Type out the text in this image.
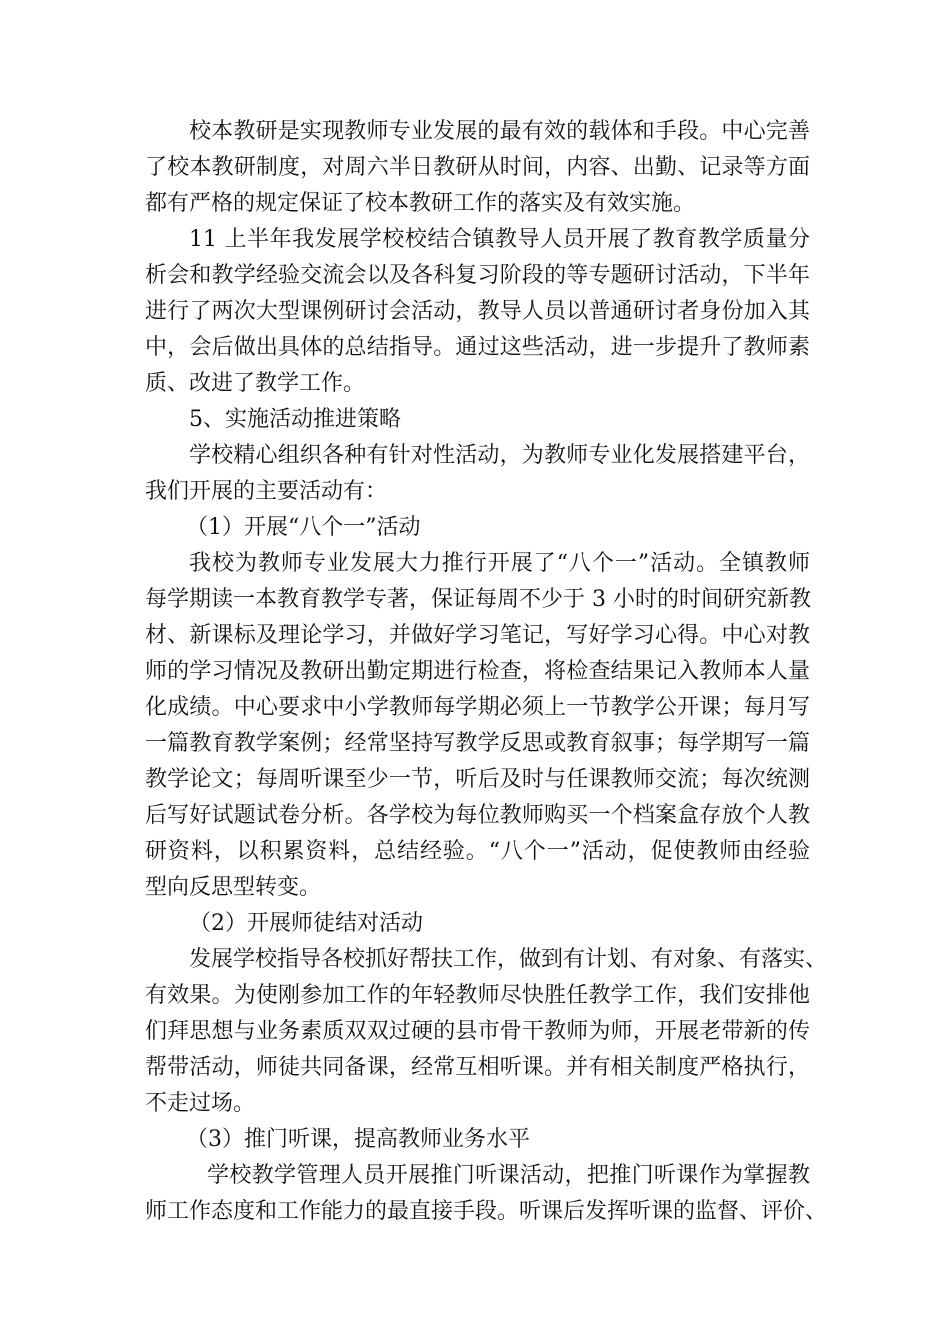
校本教研是实现教师专业发展的最有效的载体和手段。中心完善
了校本教研制度，对周六半日教研从时间，内容、出勤、记录等方面
都有严格的规定保证了校本教研工作的落实及有效实施。
11 上半年我发展学校校结合镇教导人员开展了教育教学质量分
析会和教学经验交流会以及各科复习阶段的等专题研讨活动，下半年
进行了两次大型课例研讨会活动，教导人员以普通研讨者身份加入其
中，会后做出具体的总结指导。通过这些活动，进一步提升了教师素
质、改进了教学工作。
5、实施活动推进策略
学校精心组织各种有针对性活动，为教师专业化发展搭建平台，
我们开展的主要活动有：
（1）开展“八个一”活动
我校为教师专业发展大力推行开展了“八个一”活动。全镇教师
每学期读一本教育教学专著，保证每周不少于 3 小时的时间研究新教
材、新课标及理论学习，并做好学习笔记，写好学习心得。中心对教
师的学习情况及教研出勤定期进行检查，将检查结果记入教师本人量
化成绩。中心要求中小学教师每学期必须上一节教学公开课；每月写
一篇教育教学案例；经常坚持写教学反思或教育叙事；每学期写一篇
教学论文；每周听课至少一节，听后及时与任课教师交流；每次统测
后写好试题试卷分析。各学校为每位教师购买一个档案盒存放个人教
研资料，以积累资料，总结经验。“八个一”活动，促使教师由经验
型向反思型转变。
（2）开展师徒结对活动
发展学校指导各校抓好帮扶工作，做到有计划、有对象、有落实、
有效果。为使刚参加工作的年轻教师尽快胜任教学工作，我们安排他
们拜思想与业务素质双双过硬的县市骨干教师为师，开展老带新的传
帮带活动，师徒共同备课，经常互相听课。并有相关制度严格执行，
不走过场。
（3）推门听课，提高教师业务水平
学校教学管理人员开展推门听课活动，把推门听课作为掌握教
师工作态度和工作能力的最直接手段。听课后发挥听课的监督、评价、
